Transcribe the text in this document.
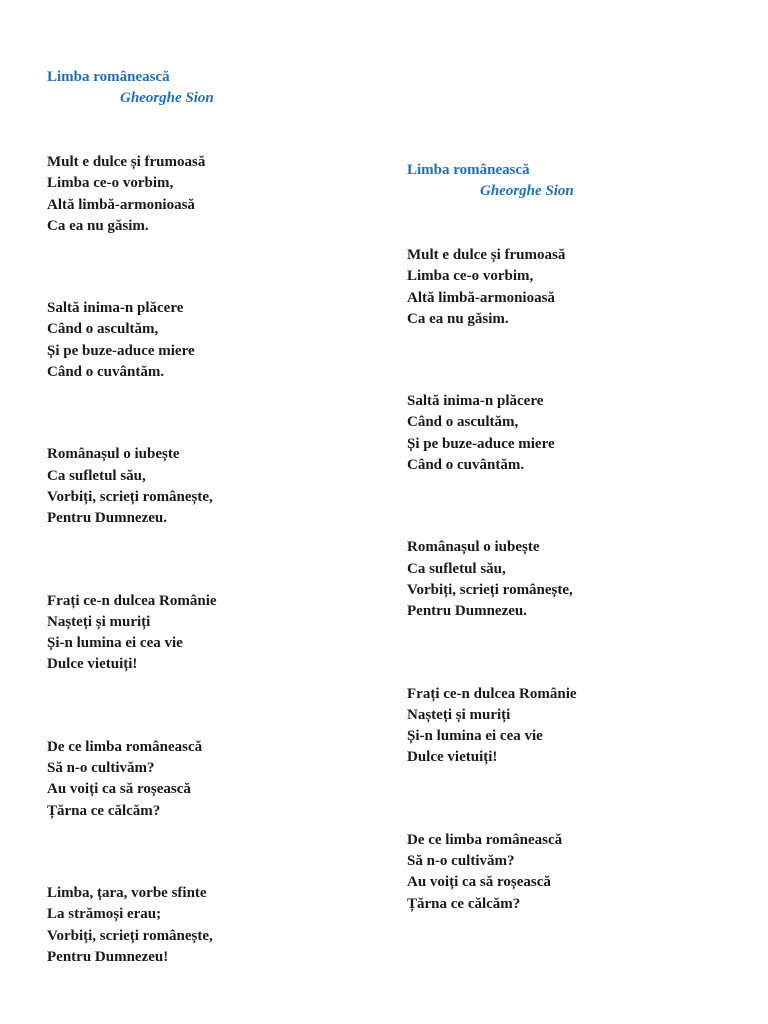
Limba românească
Gheorghe Sion
Mult e dulce și frumoasă
Limba ce-o vorbim,
Altă limbă-armonioasă
Ca ea nu găsim.
Saltă inima-n plăcere
Când o ascultăm,
Și pe buze-aduce miere
Când o cuvântăm.
Românașul o iubește
Ca sufletul său,
Vorbiți, scrieți românește,
Pentru Dumnezeu.
Frați ce-n dulcea Românie
Nașteți și muriți
Și-n lumina ei cea vie
Dulce vietuiți!
De ce limba românească
Să n-o cultivăm?
Au voiți ca să roșească
Țărna ce călcăm?
Limba, țara, vorbe sfinte
La strămoși erau;
Vorbiți, scrieți românește,
Pentru Dumnezeu!
Limba românească
Gheorghe Sion
Mult e dulce și frumoasă
Limba ce-o vorbim,
Altă limbă-armonioasă
Ca ea nu găsim.
Saltă inima-n plăcere
Când o ascultăm,
Și pe buze-aduce miere
Când o cuvântăm.
Românașul o iubește
Ca sufletul său,
Vorbiți, scrieți românește,
Pentru Dumnezeu.
Frați ce-n dulcea Românie
Nașteți și muriți
Și-n lumina ei cea vie
Dulce vietuiți!
De ce limba românească
Să n-o cultivăm?
Au voiți ca să roșească
Țărna ce călcăm?
